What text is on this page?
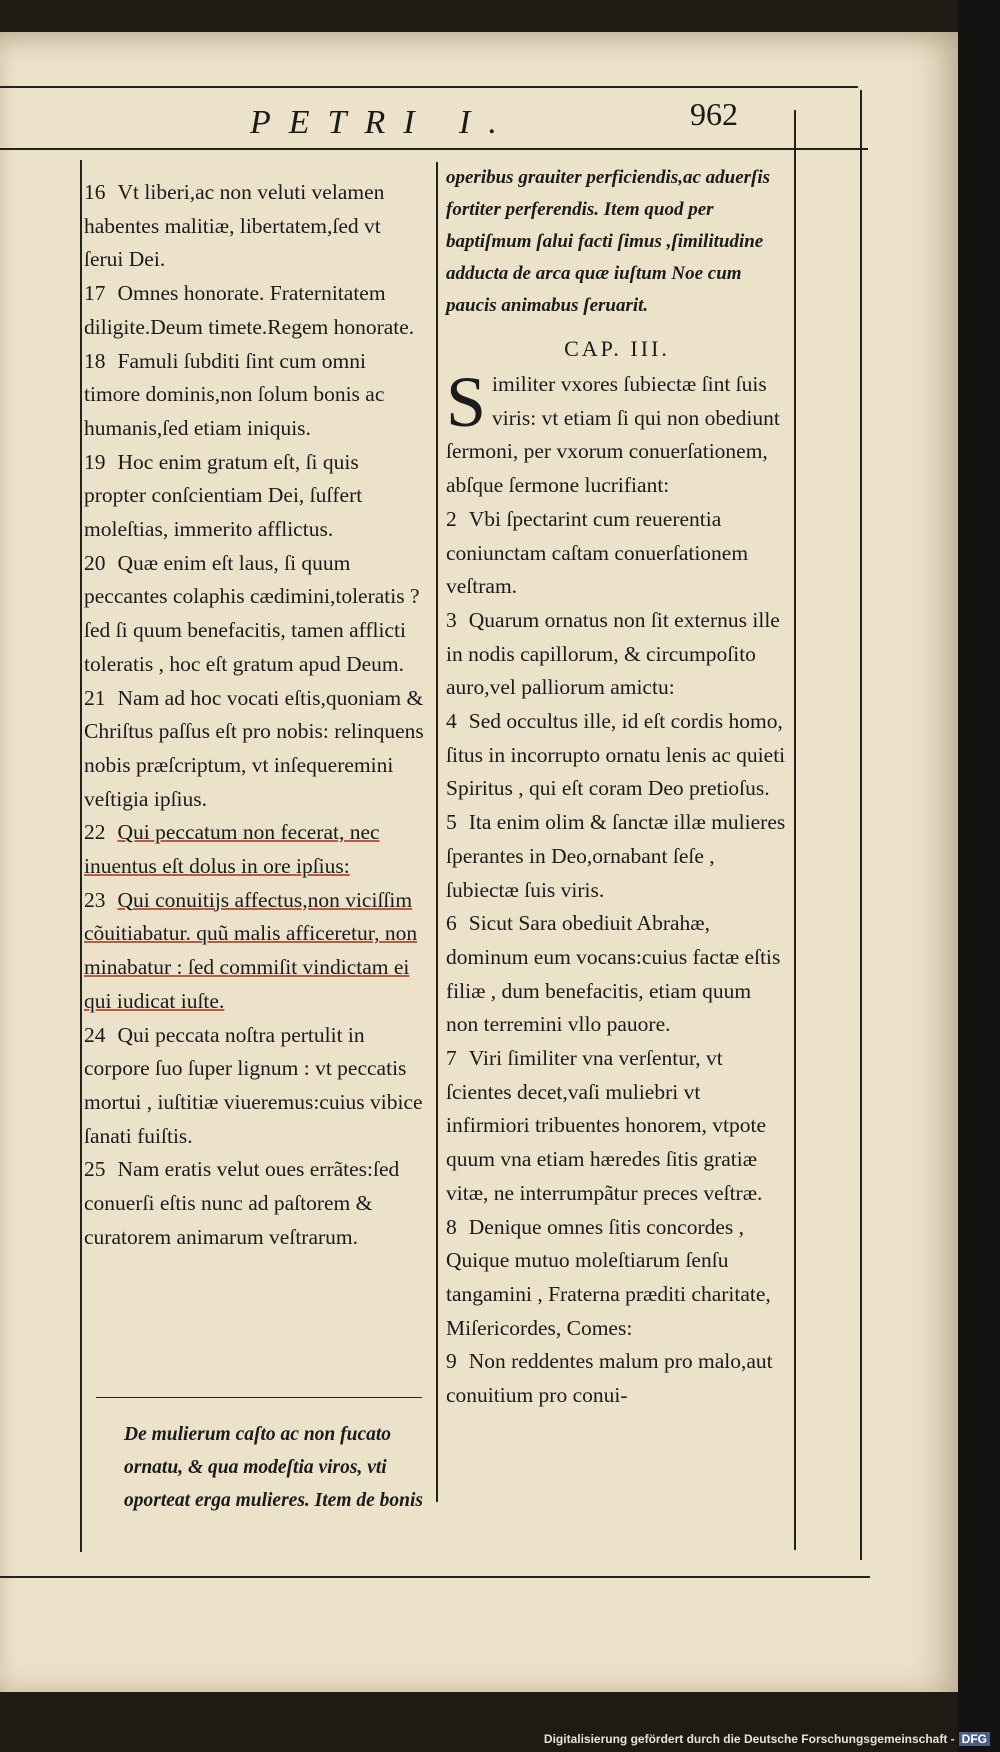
PETRI I.	962

16 Vt liberi,ac non veluti velamen habentes malitiæ, libertatem,ſed vt ſerui Dei.

17 Omnes honorate. Fraternitatem diligite.Deum timete.Regem honorate.

18 Famuli ſubditi ſint cum omni timore dominis,non ſolum bonis ac humanis,ſed etiam iniquis.

19 Hoc enim gratum eſt, ſi quis propter conſcientiam Dei, ſuſfert moleſtias, immerito afflictus.

20 Quæ enim eſt laus, ſi quum peccantes colaphis cædimini,toleratis ? ſed ſi quum benefacitis, tamen afflicti toleratis , hoc eſt gratum apud Deum.

21 Nam ad hoc vocati eſtis,quoniam & Chriſtus paſſus eſt pro nobis: relinquens nobis præſcriptum, vt inſequeremini veſtigia ipſius.

22 Qui peccatum non fecerat, nec inuentus eſt dolus in ore ipſius:

23 Qui conuitijs affectus,non viciſſim cõuitiabatur. quũ malis afficeretur, non minabatur : ſed commiſit vindictam ei qui iudicat iuſte.

24 Qui peccata noſtra pertulit in corpore ſuo ſuper lignum : vt peccatis mortui , iuſtitiæ viueremus:cuius vibice ſanati fuiſtis.

25 Nam eratis velut oues errãtes:ſed conuerſi eſtis nunc ad paſtorem & curatorem animarum veſtrarum.

De mulierum caſto ac non fucato ornatu, & qua modeſtia viros, vti oporteat erga mulieres. Item de bonis

operibus grauiter perficiendis,ac aduerſis fortiter perferendis. Item quod per baptiſmum ſalui facti ſimus ,ſimilitudine adducta de arca quæ iuſtum Noe cum paucis animabus ſeruarit.

CAP. III.

Similiter vxores ſubiectæ ſint ſuis viris: vt etiam ſi qui non obediunt ſermoni, per vxorum conuerſationem, abſque ſermone lucrifiant:

2 Vbi ſpectarint cum reuerentia coniunctam caſtam conuerſationem veſtram.

3 Quarum ornatus non ſit externus ille in nodis capillorum, & circumpoſito auro,vel palliorum amictu:

4 Sed occultus ille, id eſt cordis homo, ſitus in incorrupto ornatu lenis ac quieti Spiritus , qui eſt coram Deo pretioſus.

5 Ita enim olim & ſanctæ illæ mulieres ſperantes in Deo,ornabant ſeſe , ſubiectæ ſuis viris.

6 Sicut Sara obediuit Abrahæ, dominum eum vocans:cuius factæ eſtis filiæ , dum benefacitis, etiam quum non terremini vllo pauore.

7 Viri ſimiliter vna verſentur, vt ſcientes decet,vaſi muliebri vt infirmiori tribuentes honorem, vtpote quum vna etiam hæredes ſitis gratiæ vitæ, ne interrumpãtur preces veſtræ.

8 Denique omnes ſitis concordes , Quique mutuo moleſtiarum ſenſu tangamini , Fraterna præditi charitate, Miſericordes, Comes:

9 Non reddentes malum pro malo,aut conuitium pro conui-

Digitalisierung gefördert durch die Deutsche Forschungsgemeinschaft - DFG
